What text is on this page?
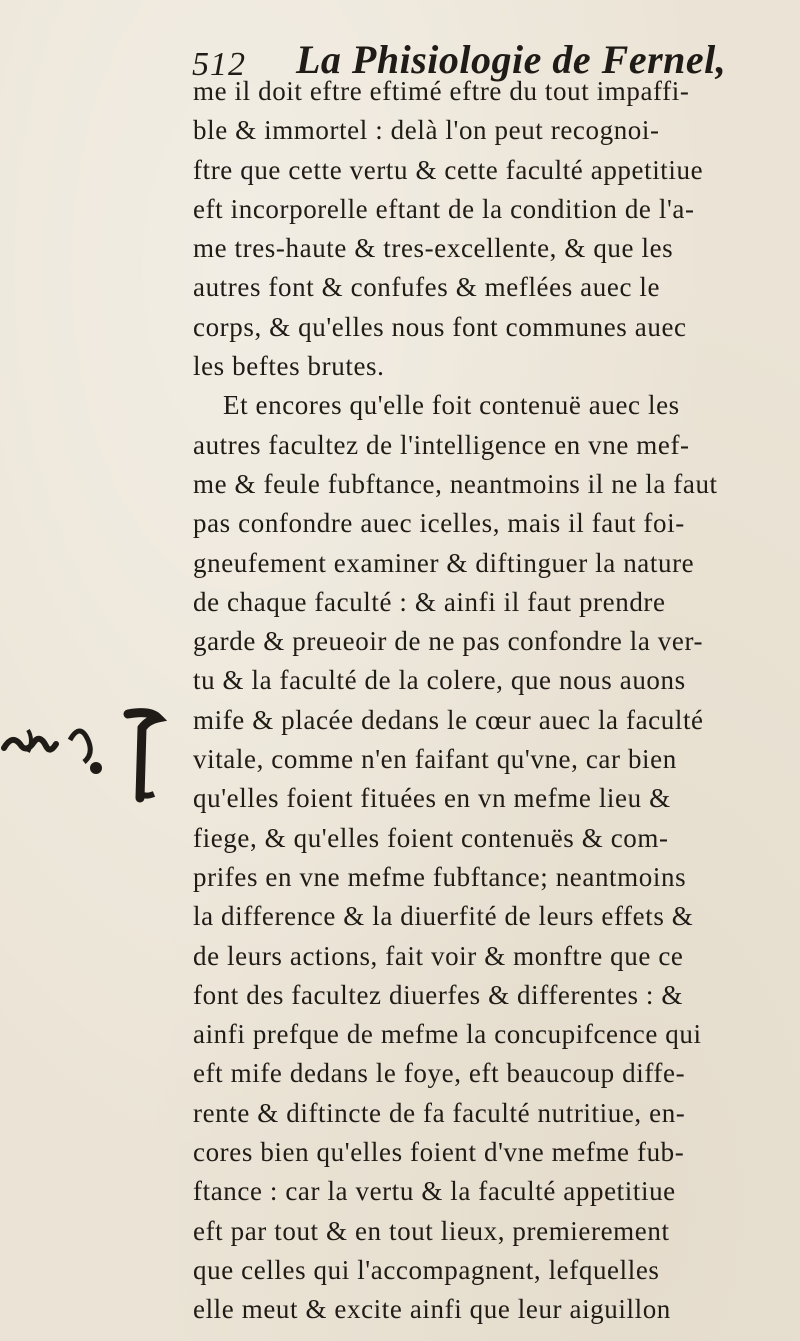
512 La Phisiologie de Fernel,
me il doit eftre eftimé eftre du tout impaffi-
ble & immortel : delà l'on peut recognoi-
ftre que cette vertu & cette faculté appetitiue
eft incorporelle eftant de la condition de l'a-
me tres-haute & tres-excellente, & que les
autres font & confufes & meflées auec le
corps, & qu'elles nous font communes auec
les beftes brutes.
Et encores qu'elle foit contenuë auec les
autres facultez de l'intelligence en vne mef-
me & feule fubftance, neantmoins il ne la faut
pas confondre auec icelles, mais il faut foi-
gneufement examiner & diftinguer la nature
de chaque faculté : & ainfi il faut prendre
garde & preueoir de ne pas confondre la ver-
tu & la faculté de la colere, que nous auons
mife & placée dedans le cœur auec la faculté
vitale, comme n'en faifant qu'vne, car bien
qu'elles foient fituées en vn mefme lieu &
fiege, & qu'elles foient contenuës & com-
prifes en vne mefme fubftance; neantmoins
la difference & la diuerfité de leurs effets &
de leurs actions, fait voir & monftre que ce
font des facultez diuerfes & differentes : &
ainfi prefque de mefme la concupifcence qui
eft mife dedans le foye, eft beaucoup diffe-
rente & diftincte de fa faculté nutritiue, en-
cores bien qu'elles foient d'vne mefme fub-
ftance : car la vertu & la faculté appetitiue
eft par tout & en tout lieux, premierement
que celles qui l'accompagnent, lefquelles
elle meut & excite ainfi que leur aiguillon
